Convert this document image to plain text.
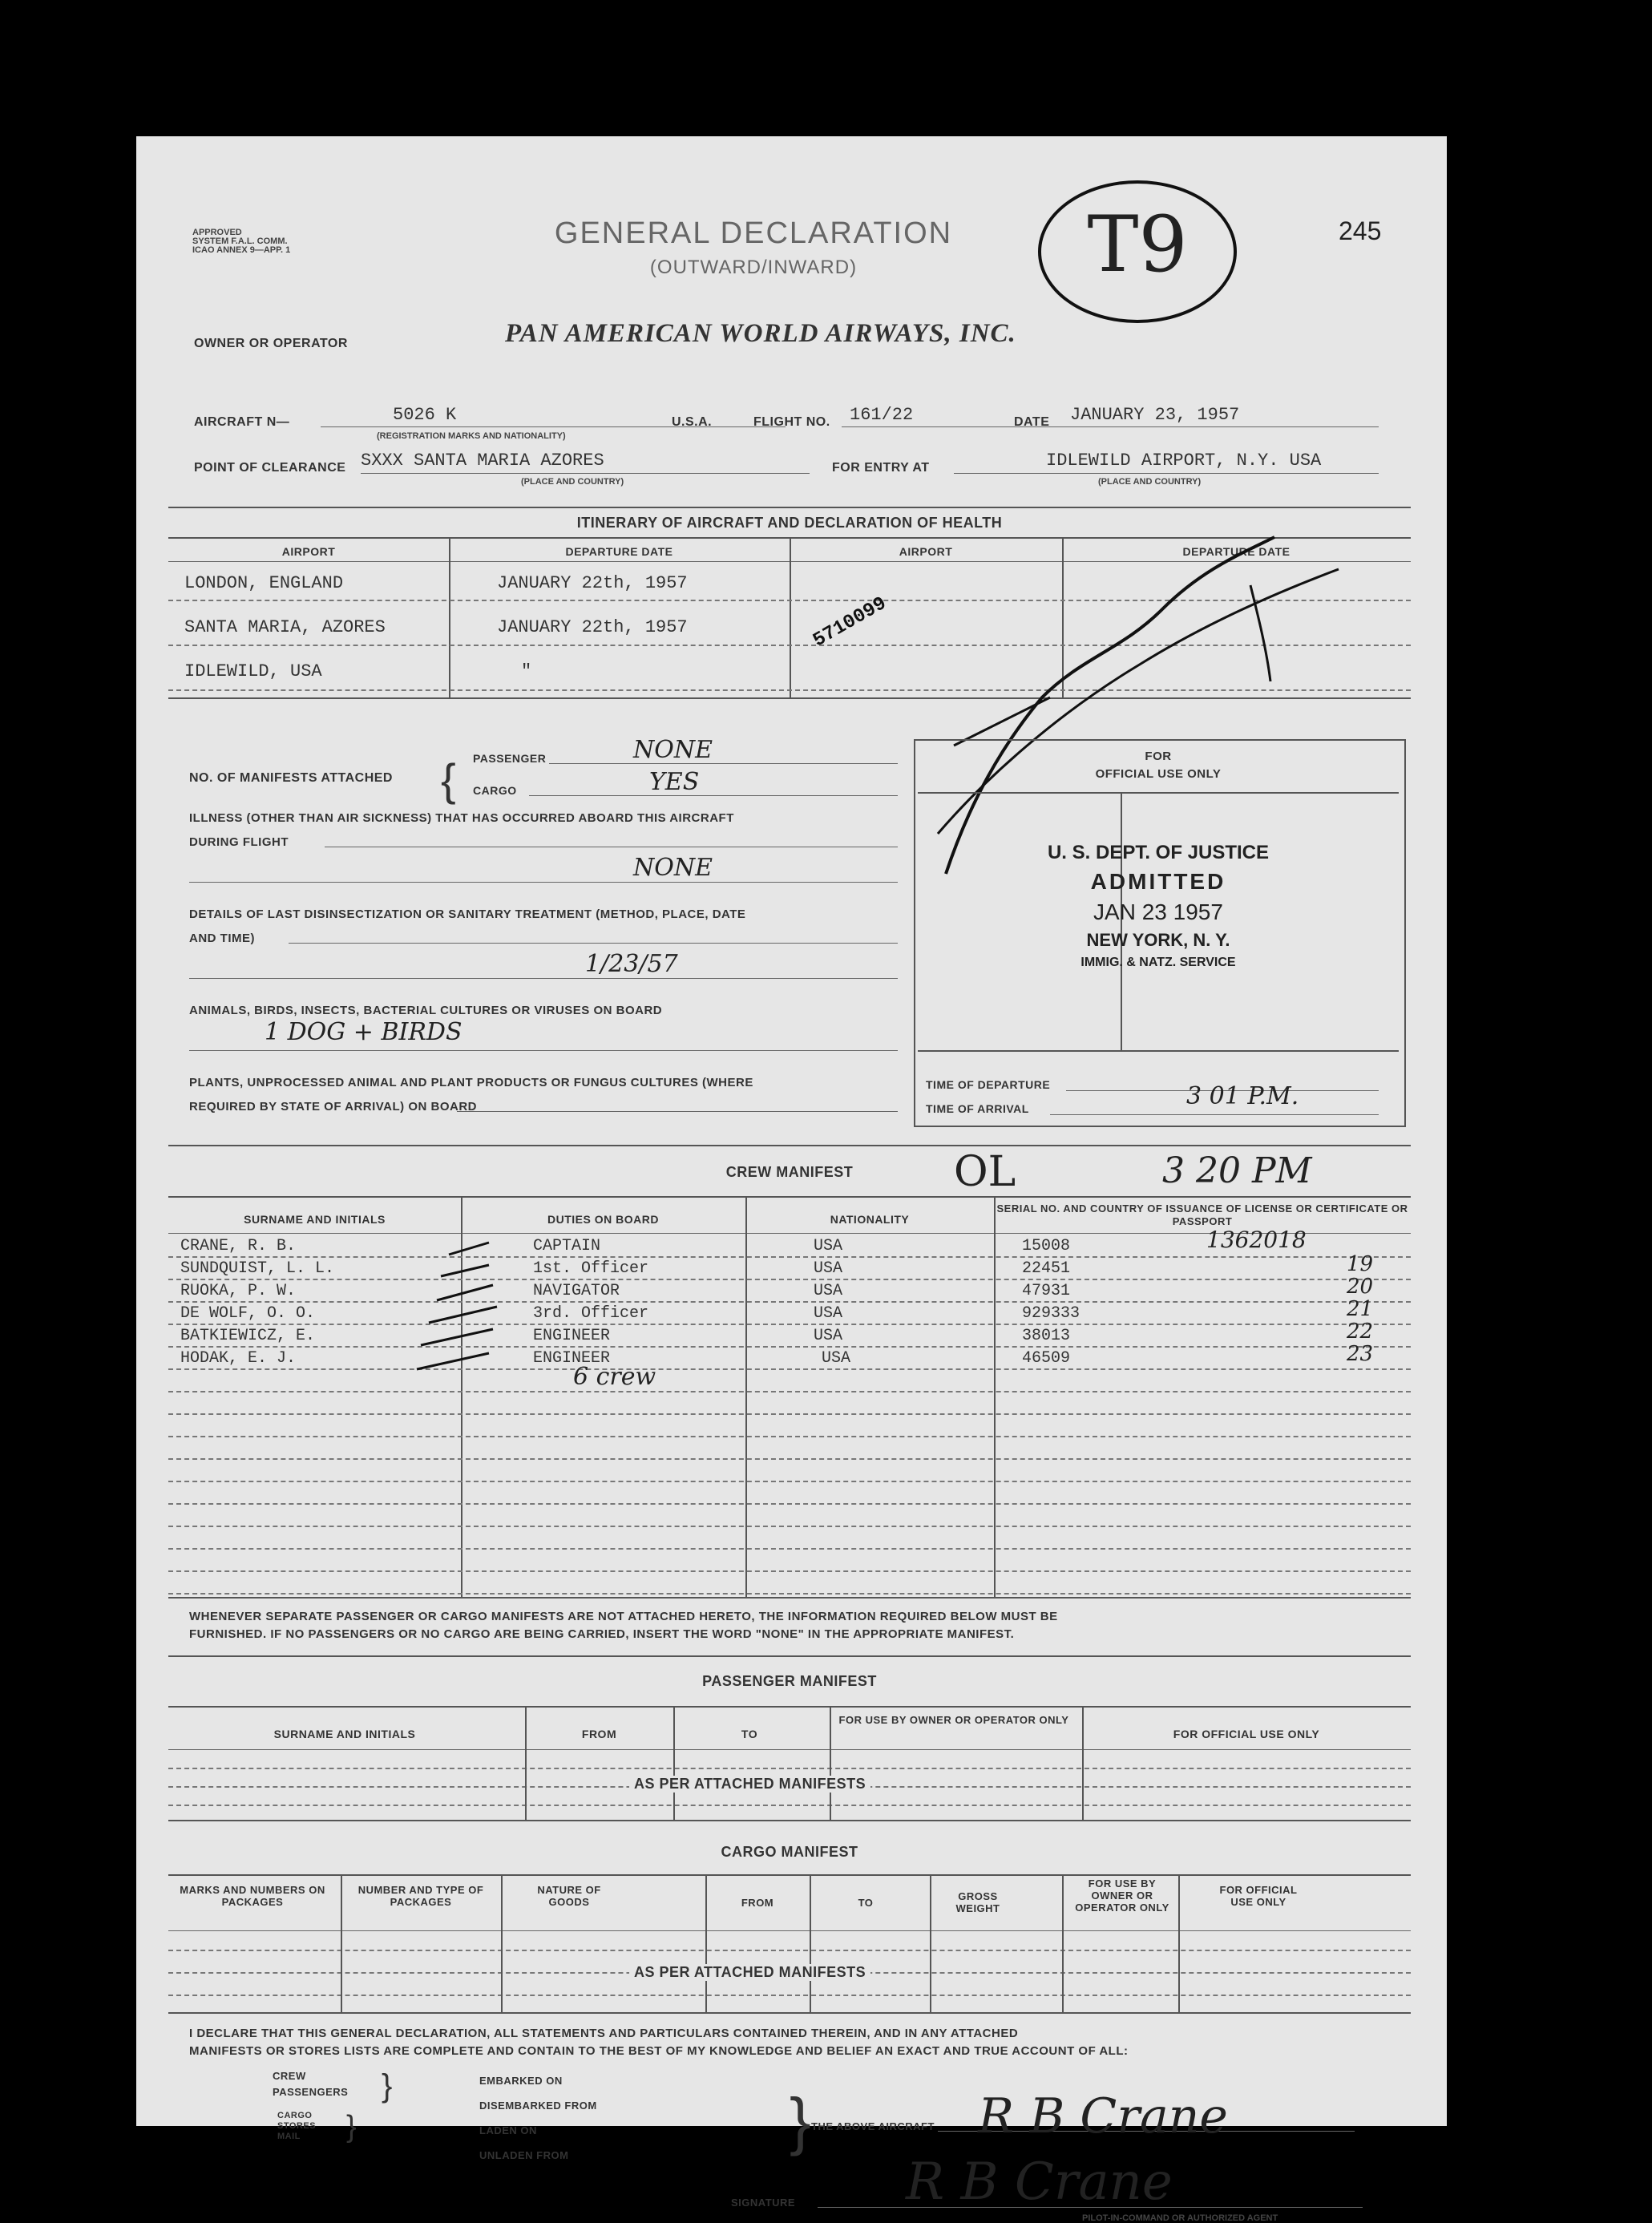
APPROVED
SYSTEM F.A.L. COMM.
ICAO ANNEX 9—APP. 1	GENERAL DECLARATION
(OUTWARD/INWARD)	T9	245
OWNER OR OPERATOR	PAN AMERICAN WORLD AIRWAYS, INC.
AIRCRAFT N—	5026 K
(REGISTRATION MARKS AND NATIONALITY)
U.S.A.	FLIGHT NO. 161/22	DATE JANUARY 23, 1957
POINT OF CLEARANCE SXXX SANTA MARIA AZORES
(PLACE AND COUNTRY)
FOR ENTRY AT	IDLEWILD AIRPORT, N.Y. USA
(PLACE AND COUNTRY)
ITINERARY OF AIRCRAFT AND DECLARATION OF HEALTH
AIRPORT	DEPARTURE DATE	AIRPORT	DEPARTURE DATE
LONDON, ENGLAND	JANUARY 22th, 1957
SANTA MARIA, AZORES	JANUARY 22th, 1957
IDLEWILD, USA	"
5710099
NO. OF MANIFESTS ATTACHED { PASSENGER	NONE
CARGO	YES
ILLNESS (OTHER THAN AIR SICKNESS) THAT HAS OCCURRED ABOARD THIS AIRCRAFT
DURING FLIGHT
NONE
DETAILS OF LAST DISINSECTIZATION OR SANITARY TREATMENT (METHOD, PLACE, DATE
AND TIME)
1/23/57
ANIMALS, BIRDS, INSECTS, BACTERIAL CULTURES OR VIRUSES ON BOARD
1 DOG + BIRDS
PLANTS, UNPROCESSED ANIMAL AND PLANT PRODUCTS OR FUNGUS CULTURES (WHERE
REQUIRED BY STATE OF ARRIVAL) ON BOARD
FOR
OFFICIAL USE ONLY
U. S. DEPT. OF JUSTICE
ADMITTED
JAN 23 1957
NEW YORK, N. Y.
IMMIG. & NATZ. SERVICE
TIME OF DEPARTURE
TIME OF ARRIVAL	3 01 P.M.
CREW MANIFEST	OL	3 20 PM
SURNAME AND INITIALS	DUTIES ON BOARD	NATIONALITY
SERIAL NO. AND COUNTRY OF ISSUANCE OF LICENSE OR CERTIFICATE OR PASSPORT
CRANE, R. B.	CAPTAIN	USA	15008	1362018
SUNDQUIST, L. L.	1st. Officer	USA	22451	19
RUOKA, P. W.	NAVIGATOR	USA	47931	20
DE WOLF, O. O.	3rd. Officer	USA	929333	21
BATKIEWICZ, E.	ENGINEER	USA	38013	22
HODAK, E. J.	ENGINEER	USA	46509	23
6 crew
WHENEVER SEPARATE PASSENGER OR CARGO MANIFESTS ARE NOT ATTACHED HERETO, THE INFORMATION REQUIRED BELOW MUST BE
FURNISHED. IF NO PASSENGERS OR NO CARGO ARE BEING CARRIED, INSERT THE WORD "NONE" IN THE APPROPRIATE MANIFEST.
PASSENGER MANIFEST
SURNAME AND INITIALS	FROM	TO
FOR USE BY OWNER OR OPERATOR ONLY
FOR OFFICIAL USE ONLY
AS PER ATTACHED MANIFESTS
CARGO MANIFEST
MARKS AND NUMBERS ON PACKAGES
NUMBER AND TYPE OF PACKAGES
NATURE OF GOODS	FROM	TO
GROSS WEIGHT
FOR USE BY OWNER OR OPERATOR ONLY
FOR OFFICIAL USE ONLY
AS PER ATTACHED MANIFESTS
I DECLARE THAT THIS GENERAL DECLARATION, ALL STATEMENTS AND PARTICULARS CONTAINED THEREIN, AND IN ANY ATTACHED
MANIFESTS OR STORES LISTS ARE COMPLETE AND CONTAIN TO THE BEST OF MY KNOWLEDGE AND BELIEF AN EXACT AND TRUE ACCOUNT OF ALL:
CREW
PASSENGERS }
CARGO
STORES
MAIL	}
EMBARKED ON
DISEMBARKED FROM
LADEN ON
UNLADEN FROM	} THE ABOVE AIRCRAFT R B Crane
SIGNATURE R B Crane
PILOT-IN-COMMAND OR AUTHORIZED AGENT
